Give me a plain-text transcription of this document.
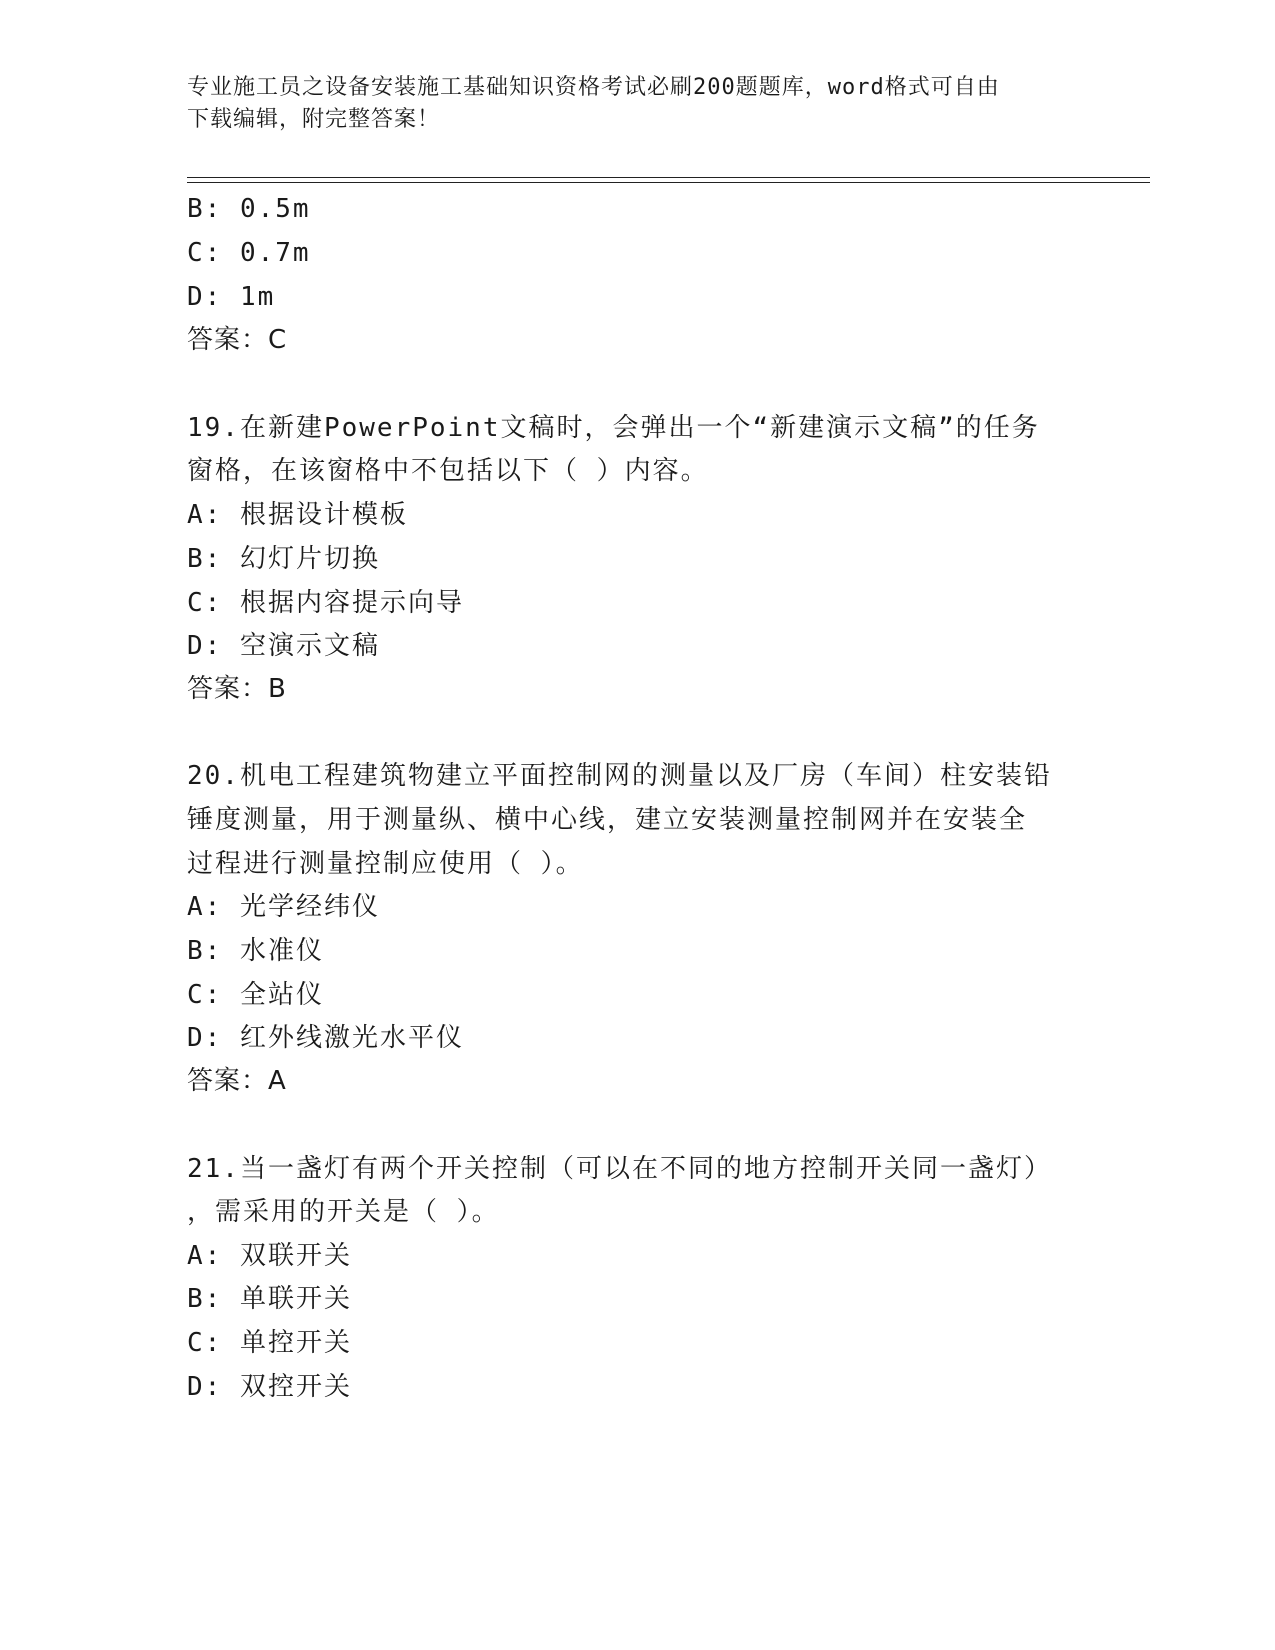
专业施工员之设备安装施工基础知识资格考试必刷200题题库，word格式可自由
下载编辑，附完整答案！
B: 0.5m
C: 0.7m
D: 1m
答案：C
19.在新建PowerPoint文稿时，会弹出一个“新建演示文稿”的任务
窗格，在该窗格中不包括以下（ ）内容。
A: 根据设计模板
B: 幻灯片切换
C: 根据内容提示向导
D: 空演示文稿
答案：B
20.机电工程建筑物建立平面控制网的测量以及厂房（车间）柱安装铅
锤度测量，用于测量纵、横中心线，建立安装测量控制网并在安装全
过程进行测量控制应使用（ ）。
A: 光学经纬仪
B: 水准仪
C: 全站仪
D: 红外线激光水平仪
答案：A
21.当一盏灯有两个开关控制（可以在不同的地方控制开关同一盏灯）
，需采用的开关是（ ）。
A: 双联开关
B: 单联开关
C: 单控开关
D: 双控开关
